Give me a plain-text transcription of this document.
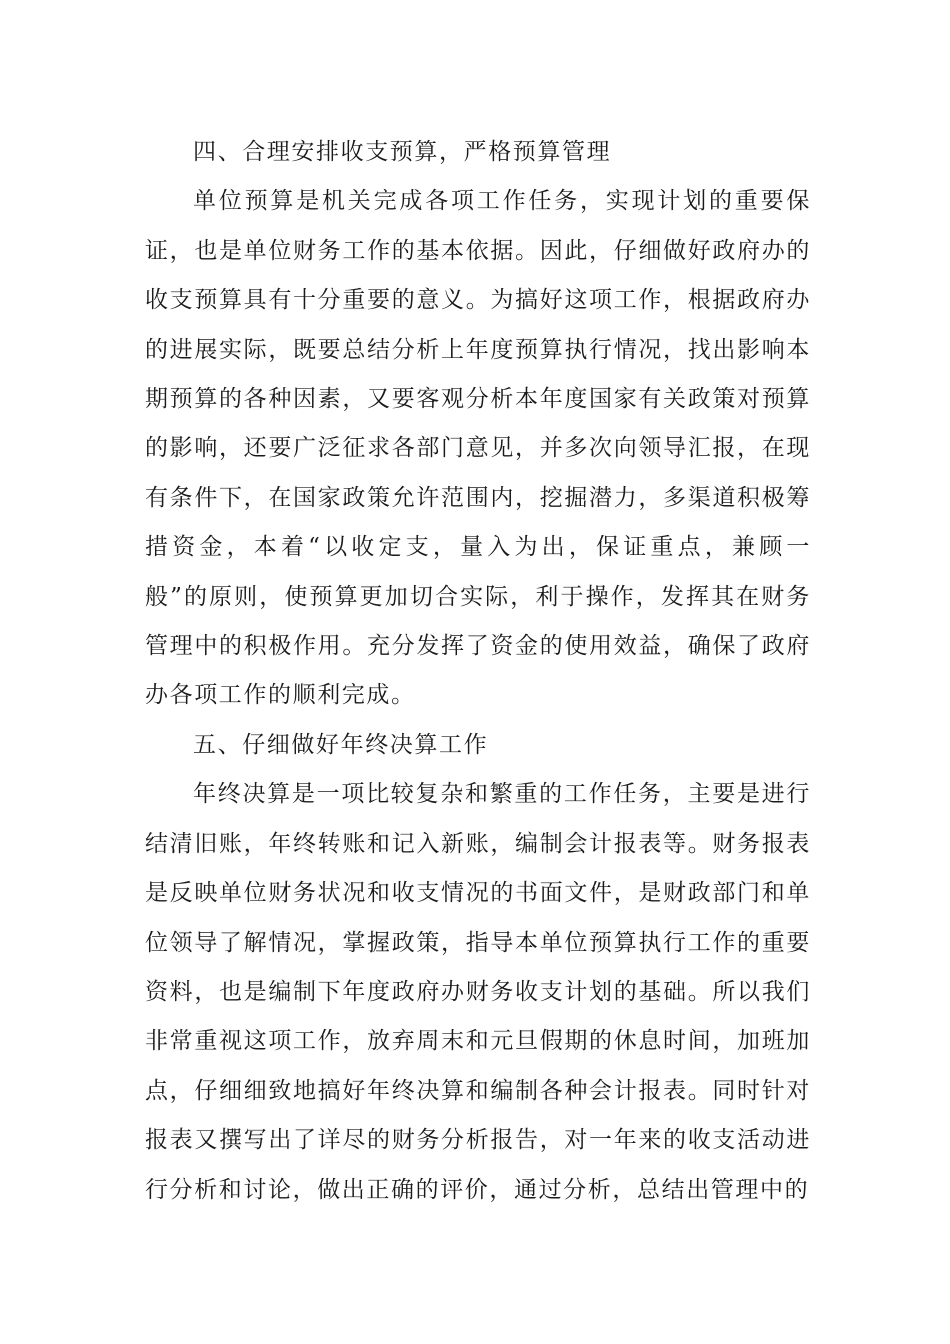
四、合理安排收支预算，严格预算管理

单位预算是机关完成各项工作任务，实现计划的重要保证，也是单位财务工作的基本依据。因此，仔细做好政府办的收支预算具有十分重要的意义。为搞好这项工作，根据政府办的进展实际，既要总结分析上年度预算执行情况，找出影响本期预算的各种因素，又要客观分析本年度国家有关政策对预算的影响，还要广泛征求各部门意见，并多次向领导汇报，在现有条件下，在国家政策允许范围内，挖掘潜力，多渠道积极筹措资金，本着“以收定支，量入为出，保证重点，兼顾一般”的原则，使预算更加切合实际，利于操作，发挥其在财务管理中的积极作用。充分发挥了资金的使用效益，确保了政府办各项工作的顺利完成。

五、仔细做好年终决算工作

年终决算是一项比较复杂和繁重的工作任务，主要是进行结清旧账，年终转账和记入新账，编制会计报表等。财务报表是反映单位财务状况和收支情况的书面文件，是财政部门和单位领导了解情况，掌握政策，指导本单位预算执行工作的重要资料，也是编制下年度政府办财务收支计划的基础。所以我们非常重视这项工作，放弃周末和元旦假期的休息时间，加班加点，仔细细致地搞好年终决算和编制各种会计报表。同时针对报表又撰写出了详尽的财务分析报告，对一年来的收支活动进行分析和讨论，做出正确的评价，通过分析，总结出管理中的
